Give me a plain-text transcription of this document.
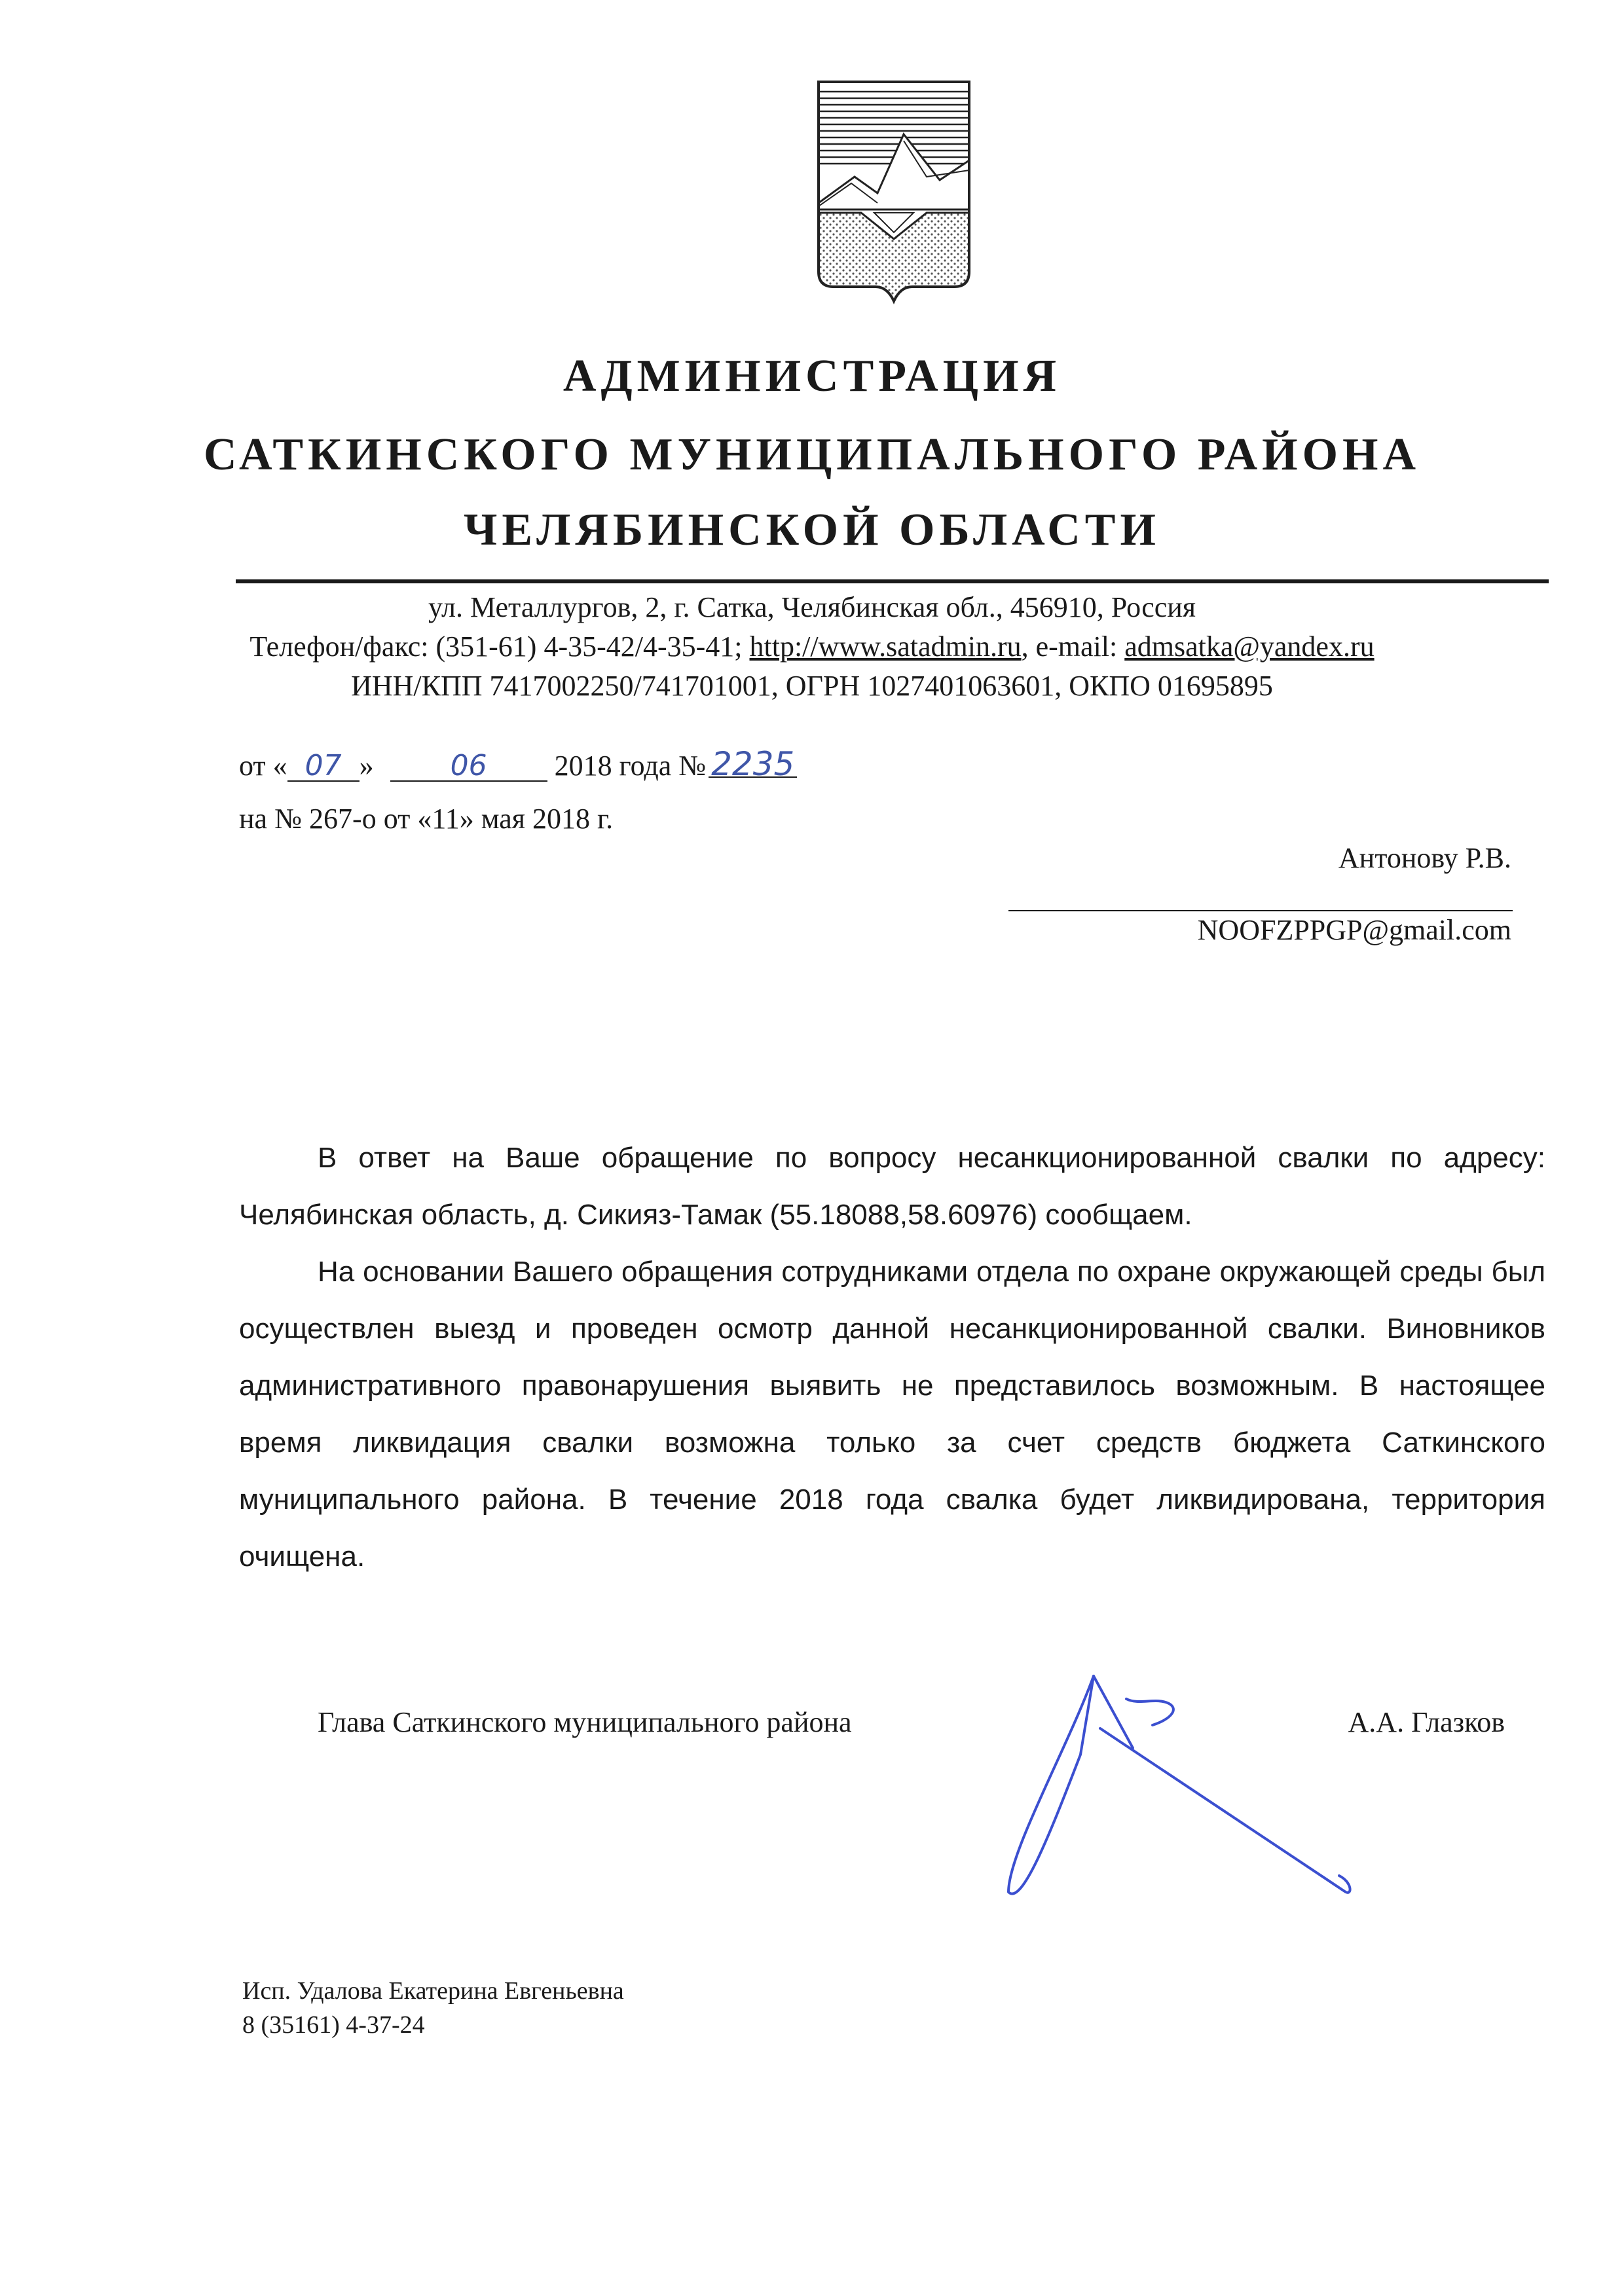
АДМИНИСТРАЦИЯ
САТКИНСКОГО МУНИЦИПАЛЬНОГО РАЙОНА
ЧЕЛЯБИНСКОЙ ОБЛАСТИ
ул. Металлургов, 2, г. Сатка, Челябинская обл., 456910, Россия
Телефон/факс: (351-61) 4-35-42/4-35-41; http://www.satadmin.ru, e-mail: admsatka@yandex.ru
ИНН/КПП 7417002250/741701001, ОГРН 1027401063601, ОКПО 01695895
от « 07 »	06 2018 года № 2235
на № 267-о от «11» мая 2018 г.
Антонову Р.В.
NOOFZPPGP@gmail.com

В ответ на Ваше обращение по вопросу несанкционированной свалки по адресу: Челябинская область, д. Сикияз-Тамак (55.18088,58.60976) сообщаем.

На основании Вашего обращения сотрудниками отдела по охране окружающей среды был осуществлен выезд и проведен осмотр данной несанкционированной свалки. Виновников административного правонарушения выявить не представилось возможным. В настоящее время ликвидация свалки возможна только за счет средств бюджета Саткинского муниципального района. В течение 2018 года свалка будет ликвидирована, территория очищена.

Глава Саткинского муниципального района	А.А. Глазков
Исп. Удалова Екатерина Евгеньевна
8 (35161) 4-37-24
